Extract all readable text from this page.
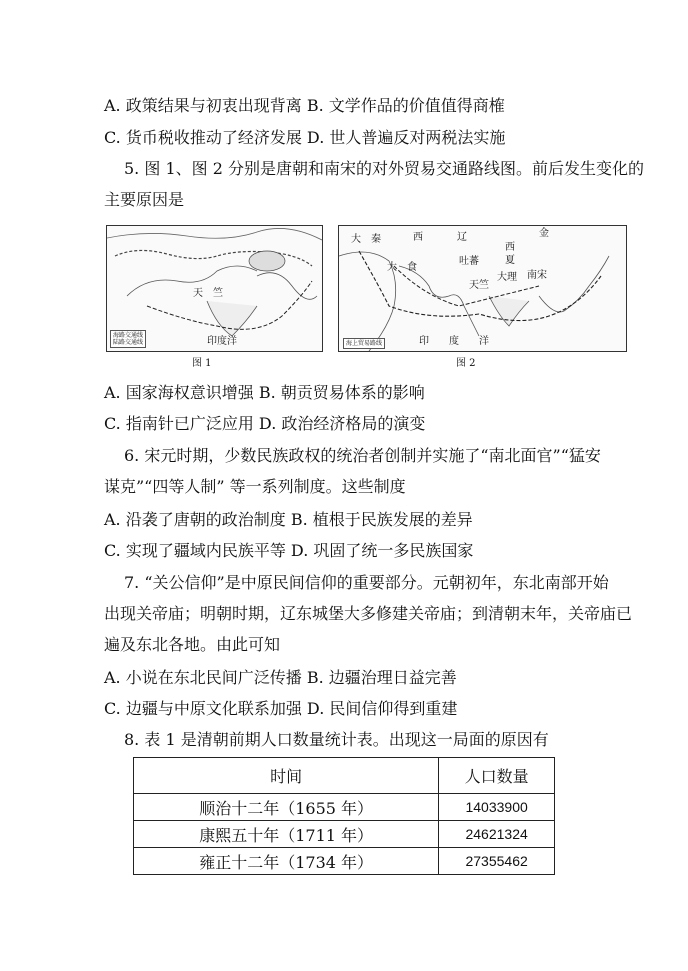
A. 政策结果与初衷出现背离 B. 文学作品的价值值得商榷
C. 货币税收推动了经济发展 D. 世人普遍反对两税法实施
5. 图 1、图 2 分别是唐朝和南宋的对外贸易交通路线图。前后发生变化的
主要原因是
天　竺
印度洋
海路交通线
陆路交通线
大　秦	西	辽	金
西
夏
吐蕃
大　食
天竺
大理 南宋
印　　度　　洋
海上贸易路线
图 1	图 2
A. 国家海权意识增强 B. 朝贡贸易体系的影响
C. 指南针已广泛应用 D. 政治经济格局的演变
6. 宋元时期，少数民族政权的统治者创制并实施了“南北面官”“猛安
谋克”“四等人制” 等一系列制度。这些制度
A. 沿袭了唐朝的政治制度 B. 植根于民族发展的差异
C. 实现了疆域内民族平等 D. 巩固了统一多民族国家
7. “关公信仰”是中原民间信仰的重要部分。元朝初年，东北南部开始
出现关帝庙；明朝时期，辽东城堡大多修建关帝庙；到清朝末年，关帝庙已
遍及东北各地。由此可知
A. 小说在东北民间广泛传播 B. 边疆治理日益完善
C. 边疆与中原文化联系加强 D. 民间信仰得到重建
8. 表 1 是清朝前期人口数量统计表。出现这一局面的原因有
时间	人口数量
顺治十二年（1655 年）	14033900
康熙五十年（1711 年）	24621324
雍正十二年（1734 年）	27355462
